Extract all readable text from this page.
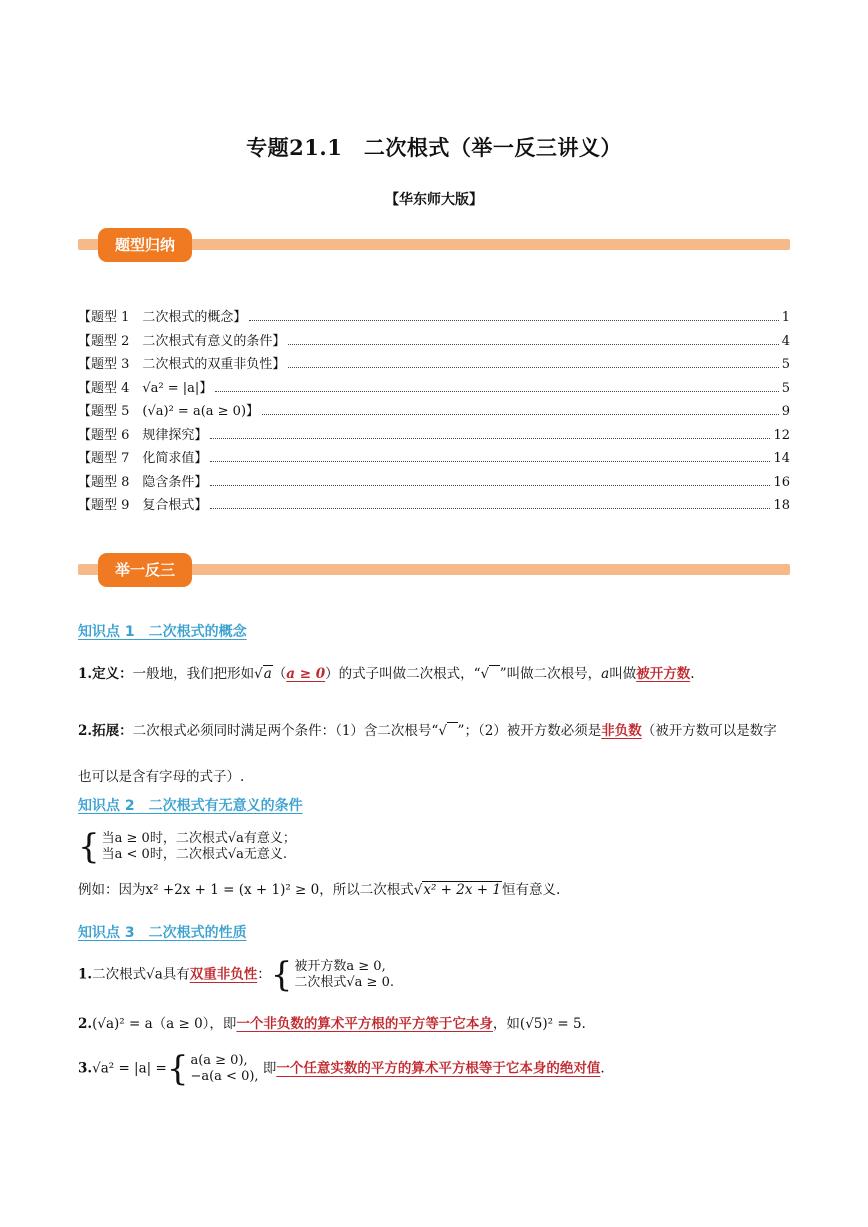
专题21.1　二次根式（举一反三讲义）
【华东师大版】
题型归纳
【题型 1　二次根式的概念】	1
【题型 2　二次根式有意义的条件】	4
【题型 3　二次根式的双重非负性】	5
【题型 4　√a² = |a|】	5
【题型 5　(√a)² = a(a ≥ 0)】	9
【题型 6　规律探究】	12
【题型 7　化简求值】	14
【题型 8　隐含条件】	16
【题型 9　复合根式】	18
举一反三
知识点 1　二次根式的概念
1.定义：一般地，我们把形如√a（a ≥ 0）的式子叫做二次根式，“√ ”叫做二次根号，a叫做被开方数.
2.拓展：二次根式必须同时满足两个条件：（1）含二次根号“√ ”；（2）被开方数必须是非负数（被开方数可以是数字也可以是含有字母的式子）.
知识点 2　二次根式有无意义的条件
{ 当a ≥ 0时，二次根式√a有意义；
当a < 0时，二次根式√a无意义.
例如：因为x² +2x + 1 = (x + 1)² ≥ 0，所以二次根式√x² + 2x + 1恒有意义.
知识点 3　二次根式的性质
1.二次根式√a具有双重非负性： { 被开方数a ≥ 0,
二次根式√a ≥ 0.
2.(√a)² = a（a ≥ 0），即一个非负数的算术平方根的平方等于它本身，如(√5)² = 5.
3.√a² = |a| = { a(a ≥ 0),
−a(a < 0), 即一个任意实数的平方的算术平方根等于它本身的绝对值.
